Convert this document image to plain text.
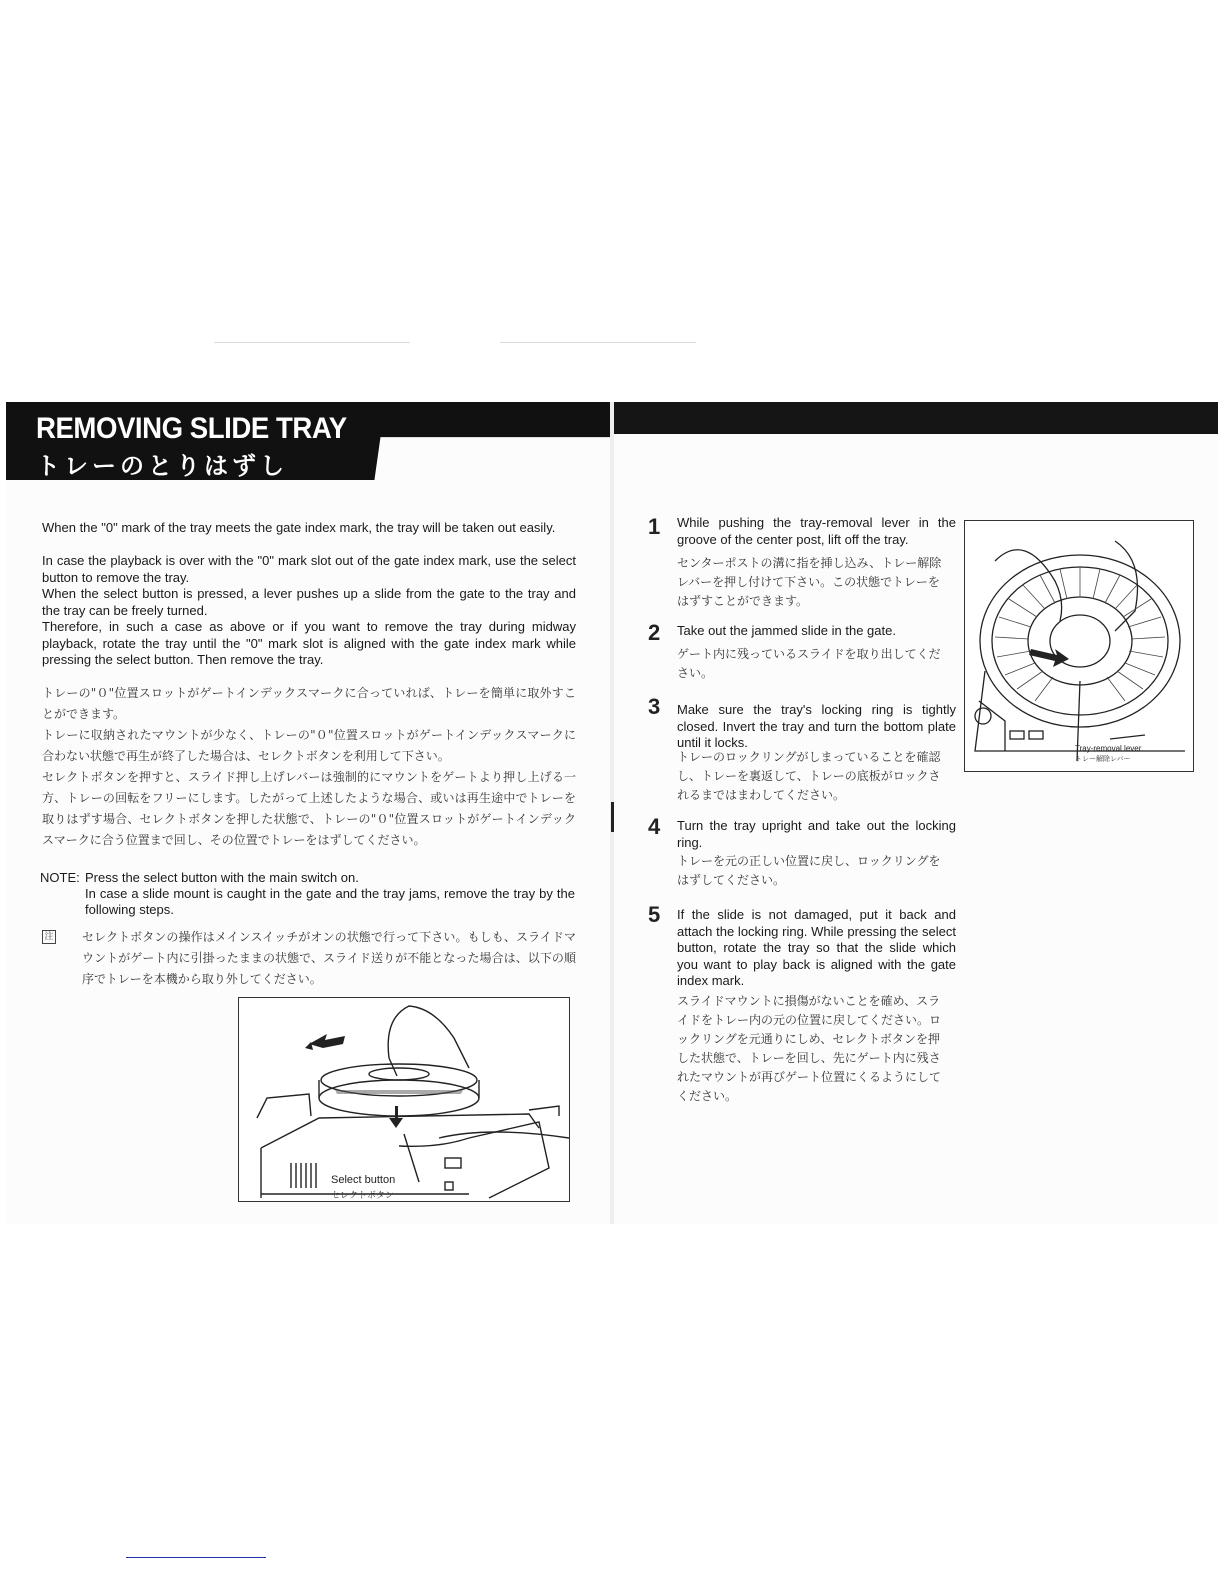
REMOVING SLIDE TRAY
トレーのとりはずし

When the "0" mark of the tray meets the gate index mark, the tray will be taken out easily.

In case the playback is over with the "0" mark slot out of the gate index mark, use the select button to remove the tray.

When the select button is pressed, a lever pushes up a slide from the gate to the tray and the tray can be freely turned.

Therefore, in such a case as above or if you want to remove the tray during midway playback, rotate the tray until the "0" mark slot is aligned with the gate index mark while pressing the select button. Then remove the tray.

トレーの"０"位置スロットがゲートインデックスマークに合っていれば、トレーを簡単に取外すことができます。

トレーに収納されたマウントが少なく、トレーの"０"位置スロットがゲートインデックスマークに合わない状態で再生が終了した場合は、セレクトボタンを利用して下さい。

セレクトボタンを押すと、スライド押し上げレバーは強制的にマウントをゲートより押し上げる一方、トレーの回転をフリーにします。したがって上述したような場合、或いは再生途中でトレーを取りはずす場合、セレクトボタンを押した状態で、トレーの"０"位置スロットがゲートインデックスマークに合う位置まで回し、その位置でトレーをはずしてください。

NOTE: Press the select button with the main switch on.

In case a slide mount is caught in the gate and the tray jams, remove the tray by the following steps.

注 セレクトボタンの操作はメインスイッチがオンの状態で行って下さい。もしも、スライドマウントがゲート内に引掛ったままの状態で、スライド送りが不能となった場合は、以下の順序でトレーを本機から取り外してください。

Select button

セレクトボタン

Tray-removal lever

トレー解除レバー

1 While pushing the tray-removal lever in the groove of the center post, lift off the tray.

センターポストの溝に指を挿し込み、トレー解除レバーを押し付けて下さい。この状態でトレーをはずすことができます。

2 Take out the jammed slide in the gate.

ゲート内に残っているスライドを取り出してください。

3 Make sure the tray's locking ring is tightly closed. Invert the tray and turn the bottom plate until it locks.

トレーのロックリングがしまっていることを確認し、トレーを裏返して、トレーの底板がロックされるまではまわしてください。

4 Turn the tray upright and take out the locking ring.

トレーを元の正しい位置に戻し、ロックリングをはずしてください。

5 If the slide is not damaged, put it back and attach the locking ring. While pressing the select button, rotate the tray so that the slide which you want to play back is aligned with the gate index mark.

スライドマウントに損傷がないことを確め、スライドをトレー内の元の位置に戻してください。ロックリングを元通りにしめ、セレクトボタンを押した状態で、トレーを回し、先にゲート内に残されたマウントが再びゲート位置にくるようにしてください。
